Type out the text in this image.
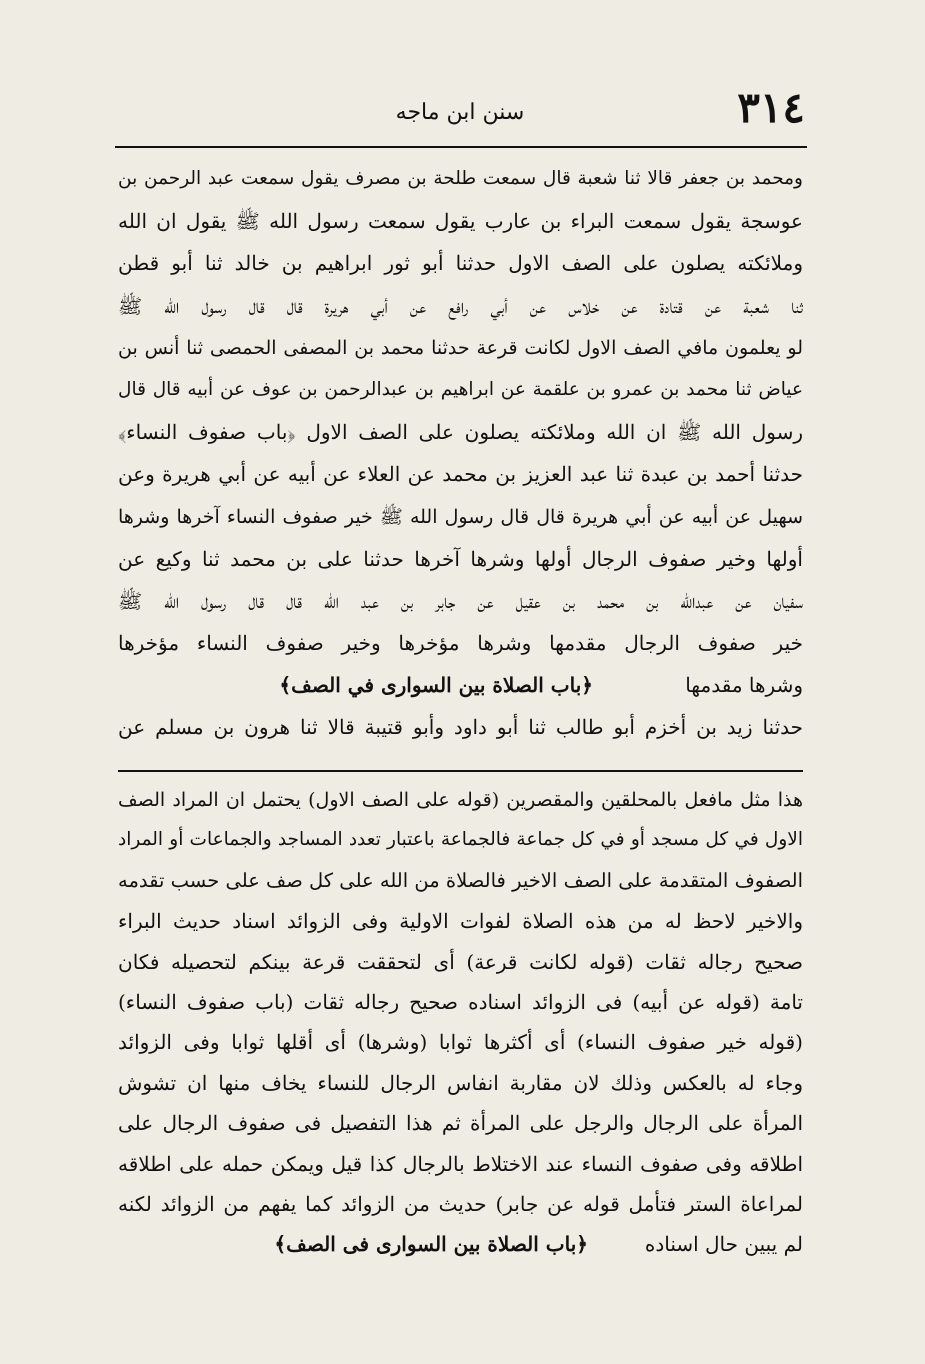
٣١٤
سنن ابن ماجه
ومحمد بن جعفر قالا ثنا شعبة قال سمعت طلحة بن مصرف يقول سمعت عبد الرحمن بن
عوسجة يقول سمعت البراء بن عارب يقول سمعت رسول الله ﷺ يقول ان الله
وملائكته يصلون على الصف الاول حدثنا أبو ثور ابراهيم بن خالد ثنا أبو قطن
ثنا شعبة عن قتادة عن خلاس عن أبي رافع عن أبي هريرة قال قال رسول الله ﷺ
لو يعلمون مافي الصف الاول لكانت قرعة حدثنا محمد بن المصفى الحمصى ثنا أنس بن
عياض ثنا محمد بن عمرو بن علقمة عن ابراهيم بن عبدالرحمن بن عوف عن أبيه قال قال
رسول الله ﷺ ان الله وملائكته يصلون على الصف الاول ﴿باب صفوف النساء﴾
حدثنا أحمد بن عبدة ثنا عبد العزيز بن محمد عن العلاء عن أبيه عن أبي هريرة وعن
سهيل عن أبيه عن أبي هريرة قال قال رسول الله ﷺ خير صفوف النساء آخرها وشرها
أولها وخير صفوف الرجال أولها وشرها آخرها حدثنا على بن محمد ثنا وكيع عن
سفيان عن عبدالله بن محمد بن عقيل عن جابر بن عبد الله قال قال رسول الله ﷺ
خير صفوف الرجال مقدمها وشرها مؤخرها وخير صفوف النساء مؤخرها
وشرها مقدمها
﴿باب الصلاة بين السوارى في الصف﴾
حدثنا زيد بن أخزم أبو طالب ثنا أبو داود وأبو قتيبة قالا ثنا هرون بن مسلم عن
هذا مثل مافعل بالمحلقين والمقصرين (قوله على الصف الاول) يحتمل ان المراد الصف
الاول في كل مسجد أو في كل جماعة فالجماعة باعتبار تعدد المساجد والجماعات أو المراد
الصفوف المتقدمة على الصف الاخير فالصلاة من الله على كل صف على حسب تقدمه
والاخير لاحظ له من هذه الصلاة لفوات الاولية وفى الزوائد اسناد حديث البراء
صحيح رجاله ثقات (قوله لكانت قرعة) أى لتحققت قرعة بينكم لتحصيله فكان
تامة (قوله عن أبيه) فى الزوائد اسناده صحيح رجاله ثقات (باب صفوف النساء)
(قوله خير صفوف النساء) أى أكثرها ثوابا (وشرها) أى أقلها ثوابا وفى الزوائد
وجاء له بالعكس وذلك لان مقاربة انفاس الرجال للنساء يخاف منها ان تشوش
المرأة على الرجال والرجل على المرأة ثم هذا التفصيل فى صفوف الرجال على
اطلاقه وفى صفوف النساء عند الاختلاط بالرجال كذا قيل ويمكن حمله على اطلاقه
لمراعاة الستر فتأمل قوله عن جابر) حديث من الزوائد كما يفهم من الزوائد لكنه
لم يبين حال اسناده
﴿باب الصلاة بين السوارى فى الصف﴾
